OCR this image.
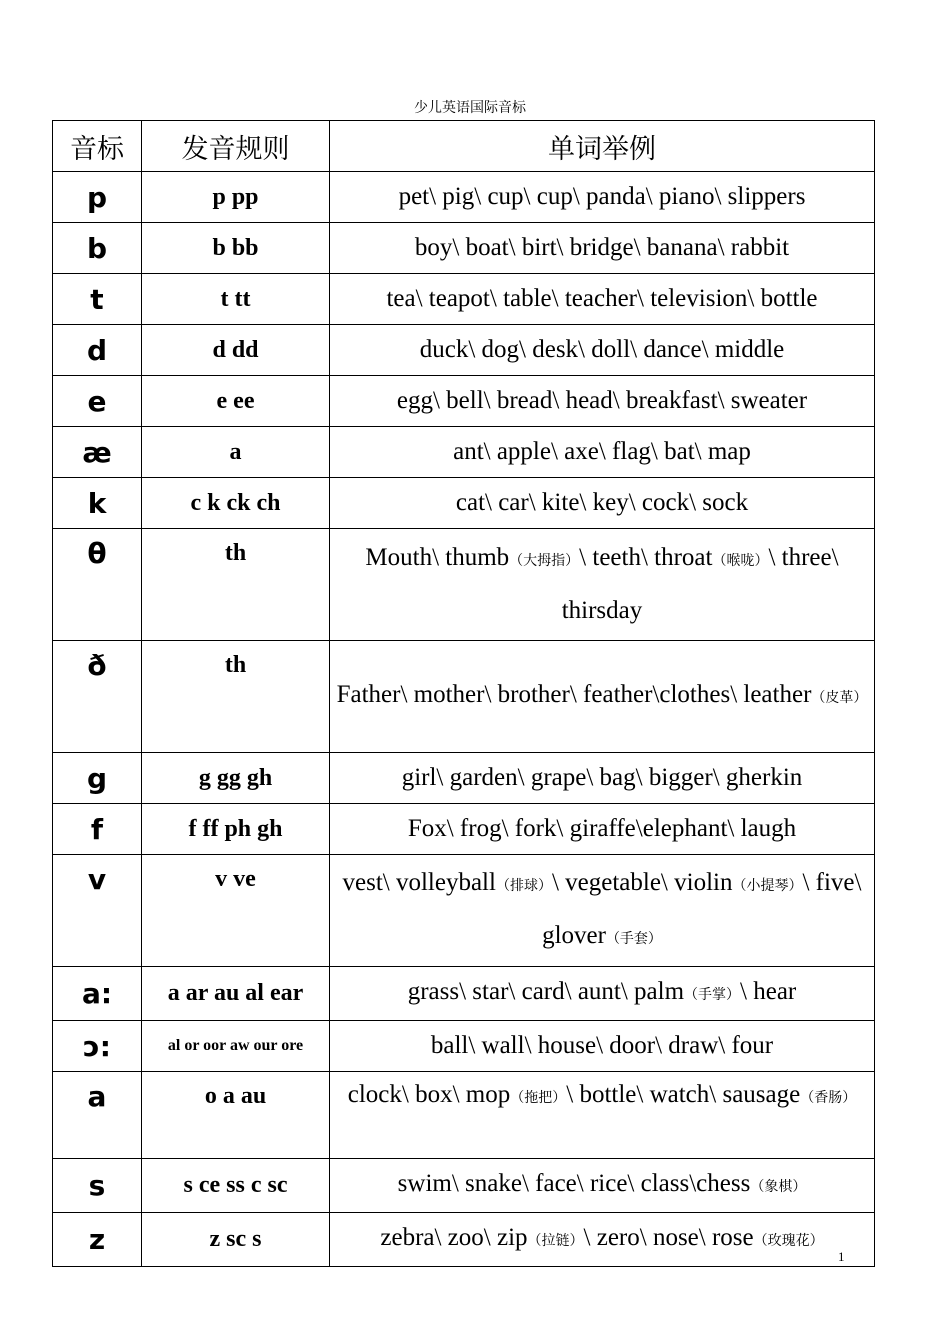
少儿英语国际音标
音标	发音规则	单词举例
p	p pp	pet\ pig\ cup\ cup\ panda\ piano\ slippers
b	b bb	boy\ boat\ birt\ bridge\ banana\ rabbit
t	t tt	tea\ teapot\ table\ teacher\ television\ bottle
d	d dd	duck\ dog\ desk\ doll\ dance\ middle
e	e ee	egg\ bell\ bread\ head\ breakfast\ sweater
æ	a	ant\ apple\ axe\ flag\ bat\ map
k	c k ck ch	cat\ car\ kite\ key\ cock\ sock
θ	th	Mouth\ thumb（大拇指）\ teeth\ throat（喉咙）\ three\ thirsday
ð	th	Father\ mother\ brother\ feather\clothes\ leather（皮革）
g	g gg gh	girl\ garden\ grape\ bag\ bigger\ gherkin
f	f ff ph gh	Fox\ frog\ fork\ giraffe\elephant\ laugh
v	v ve	vest\ volleyball（排球）\ vegetable\ violin（小提琴）\ five\ glover（手套）
a:	a ar au al ear	grass\ star\ card\ aunt\ palm（手掌）\ hear
ɔ:	al or oor aw our ore	ball\ wall\ house\ door\ draw\ four
a	o a au	clock\ box\ mop（拖把）\ bottle\ watch\ sausage（香肠）
s	s ce ss c sc	swim\ snake\ face\ rice\ class\chess（象棋）
z	z sc s	zebra\ zoo\ zip（拉链）\ zero\ nose\ rose（玫瑰花）
1
